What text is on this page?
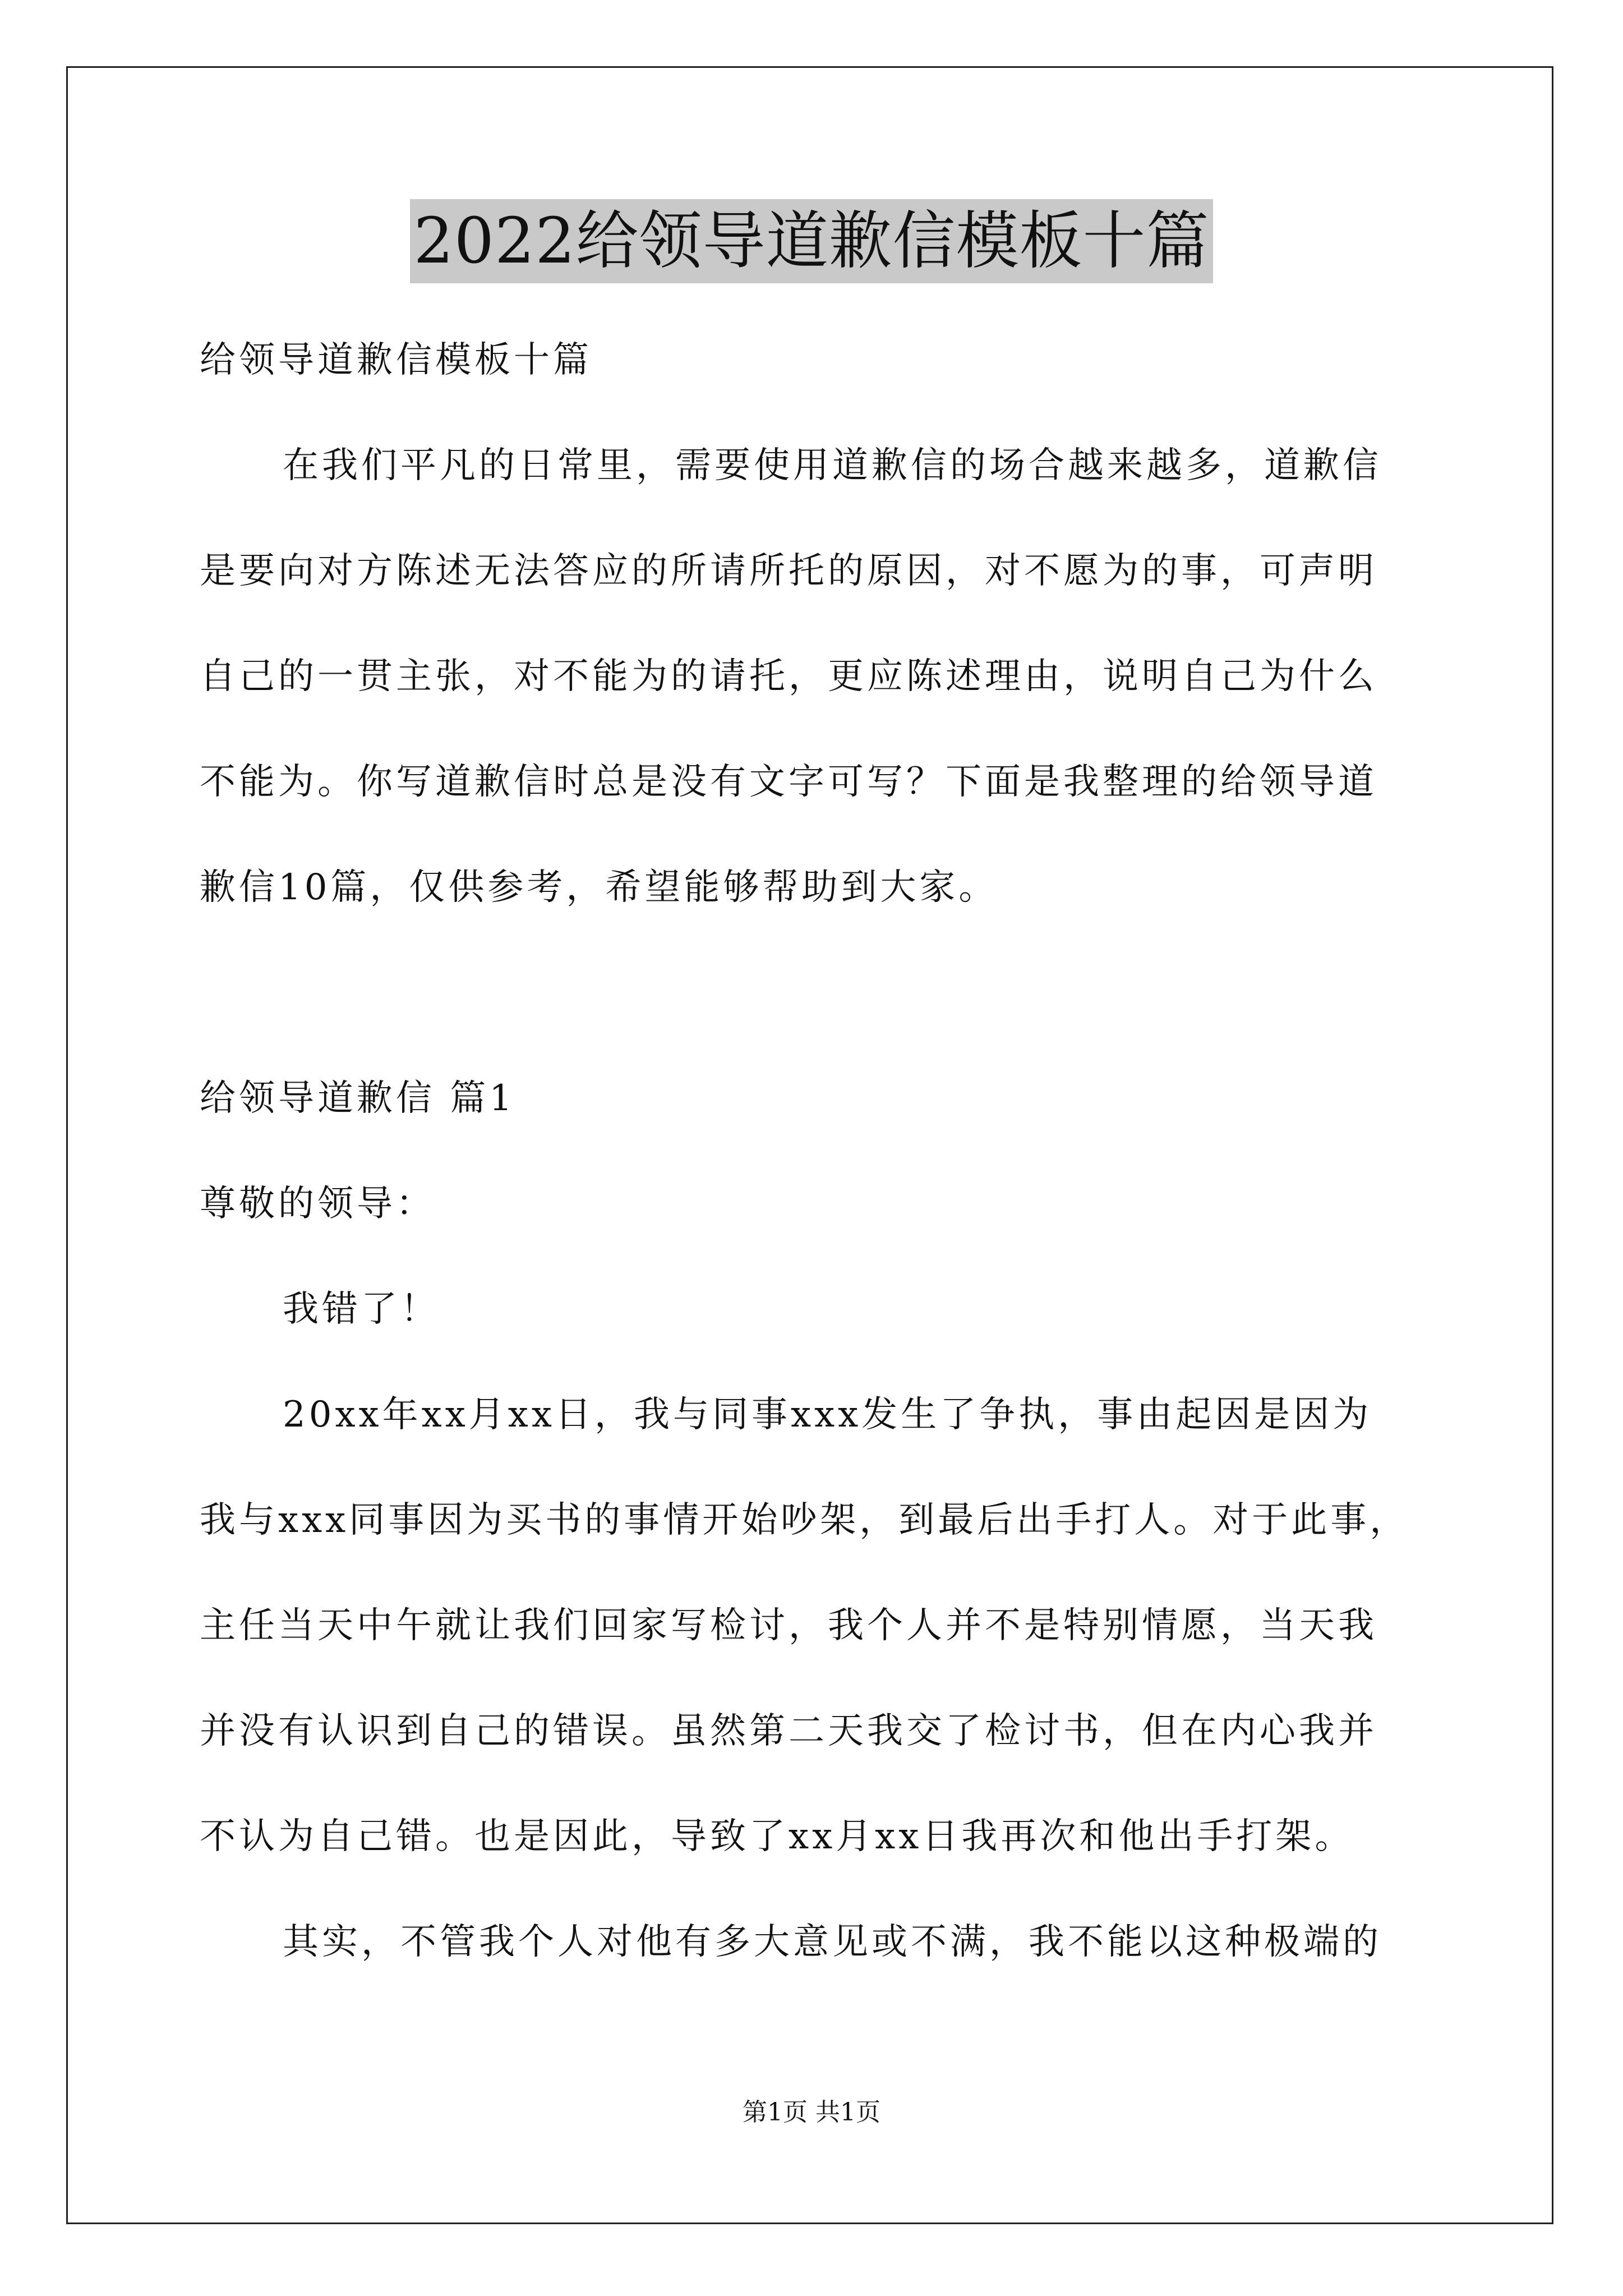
2022给领导道歉信模板十篇
给领导道歉信模板十篇
在我们平凡的日常里，需要使用道歉信的场合越来越多，道歉信
是要向对方陈述无法答应的所请所托的原因，对不愿为的事，可声明
自己的一贯主张，对不能为的请托，更应陈述理由，说明自己为什么
不能为。你写道歉信时总是没有文字可写？下面是我整理的给领导道
歉信10篇，仅供参考，希望能够帮助到大家。
给领导道歉信 篇1
尊敬的领导：
我错了！
20xx年xx月xx日，我与同事xxx发生了争执，事由起因是因为
我与xxx同事因为买书的事情开始吵架，到最后出手打人。对于此事，
主任当天中午就让我们回家写检讨，我个人并不是特别情愿，当天我
并没有认识到自己的错误。虽然第二天我交了检讨书，但在内心我并
不认为自己错。也是因此，导致了xx月xx日我再次和他出手打架。
其实，不管我个人对他有多大意见或不满，我不能以这种极端的
第1页 共1页
